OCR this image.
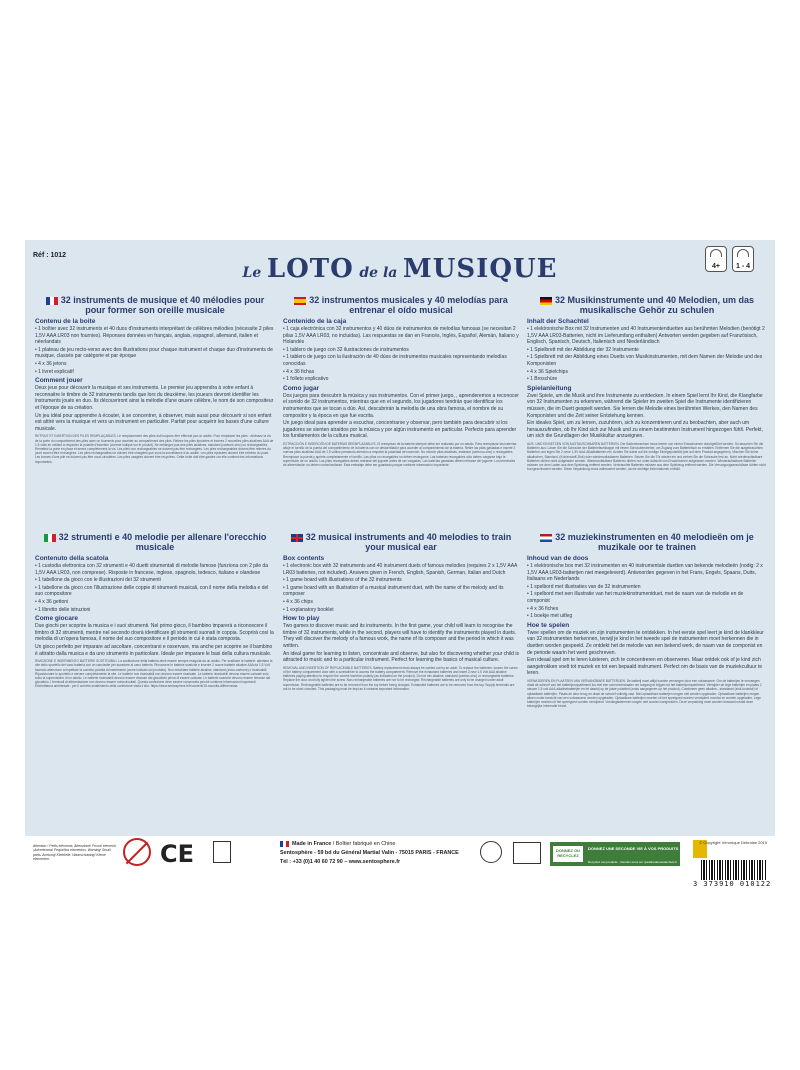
Réf : 1012
Le LOTO de la MUSIQUE	4+	1 - 4
32 instruments de musique et 40 mélodies pour pour former son oreille musicale
Contenu de la boite

• 1 boîtier avec 32 instruments et 40 duos d'instruments interprétant de célèbres mélodies (nécessite 2 piles 1,5V AAA LR03 non fournies). Réponses données en français, anglais, espagnol, allemand, italien et néerlandais

• 1 plateau de jeu recto-verso avec des illustrations pour chaque instrument et chaque duo d'instruments de musique, classés par catégorie et par époque

• 4 x 36 jetons

• 1 livret explicatif

Comment jouer

Deux jeux pour découvrir la musique et ses instruments. Le premier jeu apprendra à votre enfant à reconnaitre le timbre de 32 instruments tandis que lors du deuxième, les joueurs devront identifier les instruments joués en duo. Ils découvriront ainsi la mélodie d'une œuvre célèbre, le nom de son compositeur et l'époque de sa création.

Un jeu idéal pour apprendre à écouter, à se concentrer, à observer, mais aussi pour découvrir si son enfant est attiré vers la musique et vers un instrument en particulier. Parfait pour acquérir les bases d'une culture musicale.

RETRAIT ET INSERTION DES PILES REMPLAÇABLES. Le remplacement des piles doit toujours être effectué par un adulte. Pour remplacer les piles : dévissez la vis de la porte du compartiment des piles avec un tournevis pour accéder au compartiment des piles. Retirez les piles épuisées et insérez 2 nouvelles piles alcalines AAA de 1,5 volts en veillant à respecter la polarité d'insertion (comme indiqué sur le produit). Ne mélangez pas des piles alcalines, standard (carbone-zinc) ou rechargeables. Remettez la porte en place et serrez complètement la vis. Les piles non rechargeables ne doivent pas être rechargées. Les piles rechargeables doivent être retirées du jouet avant d'être rechargées. Les piles rechargeables ne doivent être chargées que sous la surveillance d'un adulte. Les piles épuisées doivent être retirées du jouet. Les bornes d'une pile ne doivent pas être court-circuitées. Les piles usagées doivent être recyclées. Cette boîte doit être gardée car elle contient des informations importantes.
32 instrumentos musicales y 40 melodías para entrenar el oído musical
Contenido de la caja

• 1 caja electrónica con 32 instrumentos y 40 dúos de instrumentos de melodías famosas (se necesitan 2 pilas 1,5V AAA LR03, no incluidas). Las respuestas se dan en Francés, Inglés, Español, Alemán, Italiano y Holandés

• 1 tablero de juego con 32 ilustraciones de instrumentos

• 1 tablero de juego con la ilustración de 40 dúos de instrumentos musicales representando melodías conocidas

• 4 x 36 fichas

• 1 folleto explicativo

Como jugar

Dos juegos para descubrir la música y sus instrumentos. Con el primer juego, , aprenderemos a reconocer el sonido de 32 instrumentos, mientras que en el segundo, los jugadores tendrán que identificar los instrumentos que se tocan a dúo. Así, descubrirán la melodía de una obra famosa, el nombre de su compositor y la época en que fue escrita.

Un juego ideal para aprender a escuchar, concentrarse y observar, pero también para descubrir si los jugadores se sienten atraídos por la música y por algún instrumento en particular. Perfecto para aprender los fundamentos de la cultura musical.

EXTRACCIÓN E INSERCIÓN DE BATERÍAS REEMPLAZABLES. El reemplazo de la batería siempre debe ser realizado por un adulto. Para reemplazar las baterías: afloje el tornillo de la puerta del compartimiento de la batería con un destornillador para acceder al compartimiento de la batería. Retire las pilas gastadas e inserte 2 nuevas pilas alcalinas AAA de 1,5 voltios prestando atención a respetar la polaridad de inserción. No mezcle pilas alcalinas, estándar (carbono-zinc) o recargables. Reemplace la puerta y apriete completamente el tornillo. Las pilas no recargables no deben recargarse. Las baterías recargables sólo deben cargarse bajo la supervisión de un adulto. Las pilas recargables deben retirarse del juguete antes de ser cargadas. Las baterías gastadas deben retirarse del juguete. Los terminales de alimentación no deben cortocircuitarse. Esta embalaje debe ser guardado porque contiene información importante.
32 Musikinstrumente und 40 Melodien, um das musikalische Gehör zu schulen
Inhalt der Schachtel

• 1 elektronische Box mit 32 Instrumenten und 40 Instrumentenduetten aus berühmten Melodien (benötigt 2 1,5V AAA LR03-Batterien, nicht im Lieferumfang enthalten) Antworten werden gegeben auf Französisch, Englisch, Spanisch, Deutsch, Italienisch und Niederländisch

• 1 Spielbrett mit der Abbildung der 32 Instrumente

• 1 Spielbrett mit der Abbildung eines Duetts von Musikinstrumenten, mit dem Namen der Melodie und des Komponisten

• 4 x 36 Spielchips

• 1 Broschüre

Spielanleitung

Zwei Spiele, um die Musik und ihre Instrumente zu entdecken. In einem Spiel lernt Ihr Kind, die Klangfarbe von 32 Instrumenten zu erkennen, während die Spieler im zweiten Spiel die Instrumente identifizieren müssen, die im Duett gespielt werden. Sie lernen die Melodie eines berühmten Werkes, den Namen des Komponisten und die Zeit seiner Entstehung kennen.

Ein ideales Spiel, um zu lernen, zuzuhören, sich zu konzentrieren und zu beobachten, aber auch um herauszufinden, ob Ihr Kind sich zur Musik und zu einem bestimmten Instrument hingezogen fühlt. Perfekt, um sich die Grundlagen der Musikkultur anzueignen.

AUS- UND EINSETZEN VON AUSTAUSCHBAREN BATTERIEN. Der Batteriewechsel muss immer von einem Erwachsenen durchgeführt werden. So tauschen Sie die Batterien aus: Lösen Sie die Schraube der Batteriefachklappe mit einem Schraubendreher, um Zugang zum Batteriefach zu erhalten. Entfernen Sie die aufgebrauchten Batterien und legen Sie 2 neue 1,5V AAA-Alkalibatterien ein. Achten Sie dabei auf die richtige Einlegepolarität (wie auf dem Produkt angegeben). Mischen Sie keine alkalischen, Standard- (Kohlenstoff-Zink) oder wiederaufladbaren Batterien. Setzen Sie die Tür wieder ein und ziehen Sie die Schraube fest an. Nicht wiederaufladbare Batterien dürfen nicht aufgeladen werden. Wiederaufladbare Batterien dürfen nur unter Aufsicht von Erwachsenen aufgeladen werden. Wiederaufladbare Batterien müssen vor dem Laden aus dem Spielzeug entfernt werden. Verbrauchte Batterien müssen aus dem Spielzeug entfernt werden. Die Versorgungsanschlüsse dürfen nicht kurzgeschlossen werden. Diese Verpackung muss aufbewahrt werden, da sie wichtige Informationen enthält.
32 strumenti e 40 melodie per allenare l'orecchio musicale
Contenuto della scatola

• 1 custodia elettronica con 32 strumenti e 40 duetti strumentali di melodie famose (funziona con 2 pile da 1,5V AAA LR03, non comprese). Risposte in francese, inglese, spagnolo, tedesco, italiano e olandese

• 1 tabellone da gioco con le illustrazioni dei 32 strumenti

• 1 tabellone da gioco con l'illustrazione delle coppie di strumenti musicali, con il nome della melodia e del suo compositore

• 4 x 36 gettoni

• 1 libretto delle istruzioni

Come giocare

Due giochi per scoprire la musica e i suoi strumenti. Nel primo gioco, il bambino imparerà a riconoscere il timbro di 32 strumenti, mentre nel secondo dovrà identificare gli strumenti suonati in coppia. Scoprirà così la melodia di un'opera famosa, il nome del suo compositore e il periodo in cui è stata composta.

Un gioco perfetto per imparare ad ascoltare, concentrarsi e osservare, ma anche per scoprire se il bambino è attratto dalla musica e da uno strumento in particolare. Ideale per imparare le basi della cultura musicale.

RIMOZIONE E INSERIMENTO BATTERIE SOSTITUIBILI. La sostituzione della batteria deve essere sempre eseguita da un adulto. Per sostituire le batterie: allentare la vite dello sportello del vano batteria con un cacciavite per accedere al vano batteria. Rimuovere le batterie scariche e inserire 2 nuove batterie alcaline AAA da 1,5 Volt facendo attenzione a rispettare la corretta polarità di inserimento (come indicato sul prodotto). Non mischiare batterie alcaline, standard (zinco-carbone) o ricaricabili. Riposizionare lo sportello e serrare completamente la vite. Le batterie non ricaricabili non devono essere ricaricate. Le batterie ricaricabili devono essere caricate solo sotto la supervisione di un adulto. Le batterie ricaricabili devono essere rimosse dal giocattolo prima di essere caricate. Le batterie scariche devono essere rimosse dal giocattolo. I terminali di alimentazione non devono essere cortocircuitati. Questa confezione deve essere conservata perché contiene informazioni importanti. Etichettatura ambientale : per il corretto smaltimento della confezione visita il sito: https://www.sentosphere.fr/fr/content/15-raccolta-differenziata
32 musical instruments and 40 melodies to train your musical ear
Box contents

• 1 electronic box with 32 instruments and 40 instrument duets of famous melodies (requires 2 x 1,5V AAA LR03 batteries, not included). Answers given in French, English, Spanish, German, Italian and Dutch

• 1 game board with illustrations of the 32 instruments

• 1 game board with an illustration of a musical instrument duet, with the name of the melody and its composer

• 4 x 36 chips

• 1 explanatory booklet

How to play

Two games to discover music and its instruments. In the first game, your child will learn to recognise the timbre of 32 instruments, while in the second, players will have to identify the instruments played in duets. They will discover the melody of a famous work, the name of its composer and the period in which it was written.

An ideal game for learning to listen, concentrate and observe, but also for discovering whether your child is attracted to music and to a particular instrument. Perfect for learning the basics of musical culture.

REMOVAL AND INSERTION OF REPLACEABLE BATTERIES. Battery replacement must always be carried out by an adult. To replace the batteries: loosen the screw of the battery compartment door with a screwdriver to access the battery compartment. Remove the exhausted batteries and insert 2 new 1,5 Volt AAA alkaline batteries paying attention to respect the correct insertion polarity (as indicated on the product). Do not mix alkaline, standard (carbon-zinc) or rechargeable batteries. Replace the door and fully tighten the screw. Non-rechargeable batteries are not to be recharged. Rechargeable batteries are only to be charged under adult supervision. Rechargeable batteries are to be removed from the toy before being charged. Exhausted batteries are to be removed from the toy. Supply terminals are not to be short-circuited. This packaging must be kept as it contains important information.
32 muziekinstrumenten en 40 melodieën om je muzikale oor te trainen
Inhoud van de doos

• 1 elektronische box met 32 instrumenten en 40 instrumentale duetten van bekende melodieën (nodig: 2 x 1,5V AAA LR03-batterijen niet meegeleverd). Antwoorden gegeven in het Frans, Engels, Spaans, Duits, Italiaans en Nederlands

• 1 spelbord met illustraties van de 32 instrumenten

• 1 spelbord met een illustratie van het muziekinstrumentduet, met de naam van de melodie en de componist

• 4 x 36 fiches

• 1 boekje met uitleg

Hoe te spelen

Twee spellen om de muziek en zijn instrumenten te ontdekken. In het eerste spel leert je kind de klankkleur van 32 instrumenten herkennen, terwijl je kind in het tweede spel de instrumenten moet herkennen die in duetten worden gespeeld. Ze ontdekt het de melodie van een bekend werk, de naam van de componist en de periode waarin het werd geschreven.

Een ideaal spel om te leren luisteren, zich te concentreren en observeren. Maar ontdek ook of je kind zich aangetrokken voelt tot muziek en tot een bepaald instrument. Perfect om de basis van de muziekcultuur te leren.

VERWIJDEREN EN PLAATSEN VAN VERVANGBARE BATTERIJEN. De batterij moet altijd worden vervangen door een volwassene. Om de batterijen te vervangen: draai de schroef van het batterijcompartiment los met een schroevendraaier om toegang te krijgen tot het batterijcompartiment. Verwijder de lege batterijen en plaats 2 nieuwe 1,5 volt AAA-alkalinebatterijen en let daarbij op de juiste polariteit (zoals aangegeven op het product). Combineer geen alkaline-, standaard (zink-koolstof) of oplaadbare batterijen. Plaats de deur terug en draai de schroef volledig vast. Niet-oplaadbare batterijen mogen niet worden opgeladen. Oplaadbare batterijen mogen alleen onder toezicht van een volwassene worden opgeladen. Oplaadbare batterijen moeten uit het speelgoed worden verwijderd voordat ze worden opgeladen. Lege batterijen moeten uit het speelgoed worden verwijderd. Voedingsklemmen mogen niet worden kortgesloten. Deze verpakking moet worden bewaard omdat deze belangrijke informatie bevat.
Attention ! Petits éléments. Attenzione! Piccoli elementi. ¡Advertencia! Pequeños elementos. Warning! Small parts. Achtung! Kleinteile. Waarschuwing! Kleine elementen.	CE	Made in France / Boîtier fabriqué en Chine
Sentosphère - 59 bd du Général Martial Valin - 75015 PARIS - FRANCE
Tél : +33 (0)1 40 60 72 90 – www.sentosphere.fr
DONNEZ OU RECYCLEZ
DONNEZ UNE SECONDE VIE À VOS PRODUITS
Recyclez vos produits... Rendez-vous sur quefairedemesdechets.fr
© Copyright Véronique Debroise 2019
3 373910 010122
